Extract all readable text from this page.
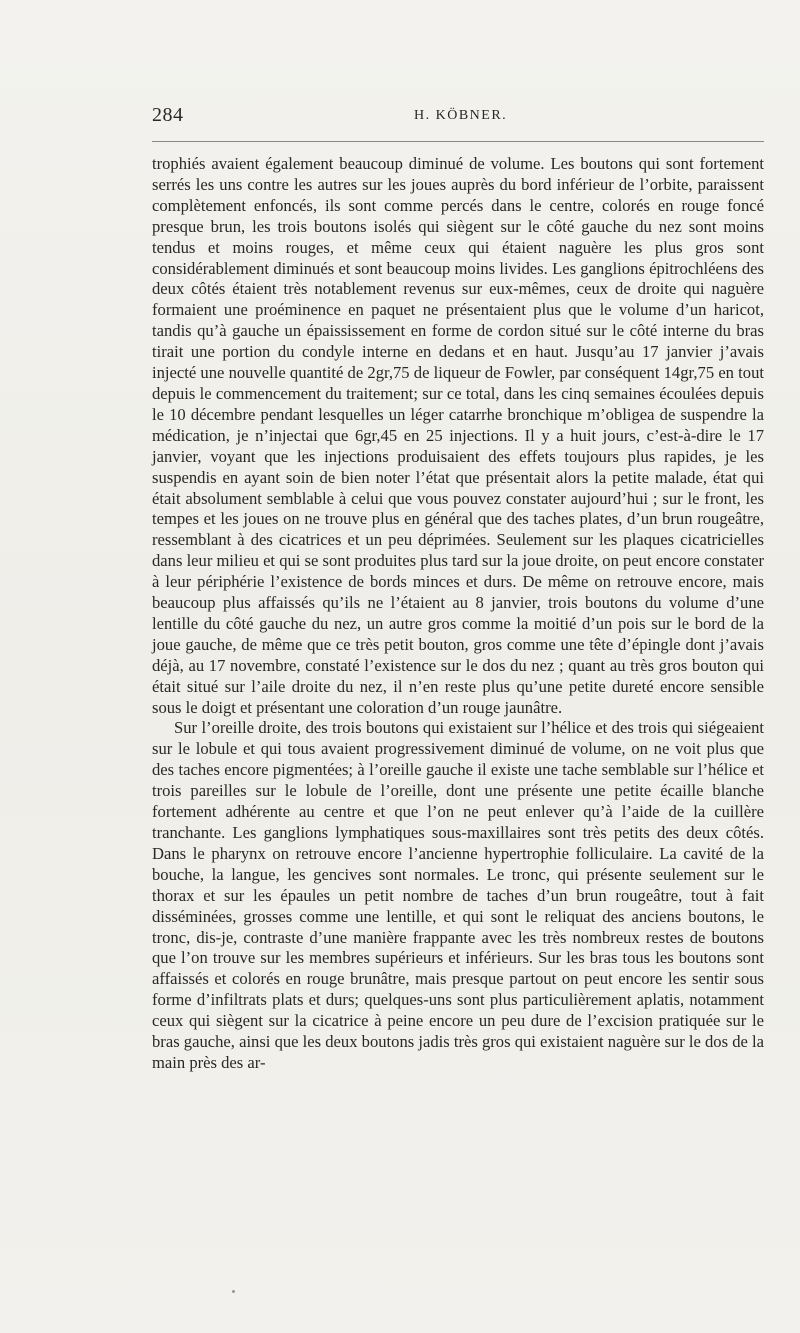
284	H. KÖBNER.

trophiés avaient également beaucoup diminué de volume. Les boutons qui sont fortement serrés les uns contre les autres sur les joues auprès du bord inférieur de l’orbite, paraissent complètement enfoncés, ils sont comme percés dans le centre, colorés en rouge foncé presque brun, les trois boutons isolés qui siègent sur le côté gauche du nez sont moins tendus et moins rouges, et même ceux qui étaient naguère les plus gros sont considérablement diminués et sont beaucoup moins livides. Les ganglions épitrochléens des deux côtés étaient très notablement revenus sur eux-mêmes, ceux de droite qui naguère formaient une proéminence en paquet ne présentaient plus que le volume d’un haricot, tandis qu’à gauche un épaississement en forme de cordon situé sur le côté interne du bras tirait une portion du condyle interne en dedans et en haut. Jusqu’au 17 janvier j’avais injecté une nouvelle quantité de 2gr,75 de liqueur de Fowler, par conséquent 14gr,75 en tout depuis le commencement du traitement; sur ce total, dans les cinq semaines écoulées depuis le 10 décembre pendant lesquelles un léger catarrhe bronchique m’obligea de suspendre la médication, je n’injectai que 6gr,45 en 25 injections. Il y a huit jours, c’est-à-dire le 17 janvier, voyant que les injections produisaient des effets toujours plus rapides, je les suspendis en ayant soin de bien noter l’état que présentait alors la petite malade, état qui était absolument semblable à celui que vous pouvez constater aujourd’hui ; sur le front, les tempes et les joues on ne trouve plus en général que des taches plates, d’un brun rougeâtre, ressemblant à des cicatrices et un peu déprimées. Seulement sur les plaques cicatricielles dans leur milieu et qui se sont produites plus tard sur la joue droite, on peut encore constater à leur périphérie l’existence de bords minces et durs. De même on retrouve encore, mais beaucoup plus affaissés qu’ils ne l’étaient au 8 janvier, trois boutons du volume d’une lentille du côté gauche du nez, un autre gros comme la moitié d’un pois sur le bord de la joue gauche, de même que ce très petit bouton, gros comme une tête d’épingle dont j’avais déjà, au 17 novembre, constaté l’existence sur le dos du nez ; quant au très gros bouton qui était situé sur l’aile droite du nez, il n’en reste plus qu’une petite dureté encore sensible sous le doigt et présentant une coloration d’un rouge jaunâtre.

Sur l’oreille droite, des trois boutons qui existaient sur l’hélice et des trois qui siégeaient sur le lobule et qui tous avaient progressivement diminué de volume, on ne voit plus que des taches encore pigmentées; à l’oreille gauche il existe une tache semblable sur l’hélice et trois pareilles sur le lobule de l’oreille, dont une présente une petite écaille blanche fortement adhérente au centre et que l’on ne peut enlever qu’à l’aide de la cuillère tranchante. Les ganglions lymphatiques sous-maxillaires sont très petits des deux côtés. Dans le pharynx on retrouve encore l’ancienne hypertrophie folliculaire. La cavité de la bouche, la langue, les gencives sont normales. Le tronc, qui présente seulement sur le thorax et sur les épaules un petit nombre de taches d’un brun rougeâtre, tout à fait disséminées, grosses comme une lentille, et qui sont le reliquat des anciens boutons, le tronc, dis-je, contraste d’une manière frappante avec les très nombreux restes de boutons que l’on trouve sur les membres supérieurs et inférieurs. Sur les bras tous les boutons sont affaissés et colorés en rouge brunâtre, mais presque partout on peut encore les sentir sous forme d’infiltrats plats et durs; quelques-uns sont plus particulièrement aplatis, notamment ceux qui siègent sur la cicatrice à peine encore un peu dure de l’excision pratiquée sur le bras gauche, ainsi que les deux boutons jadis très gros qui existaient naguère sur le dos de la main près des ar-
